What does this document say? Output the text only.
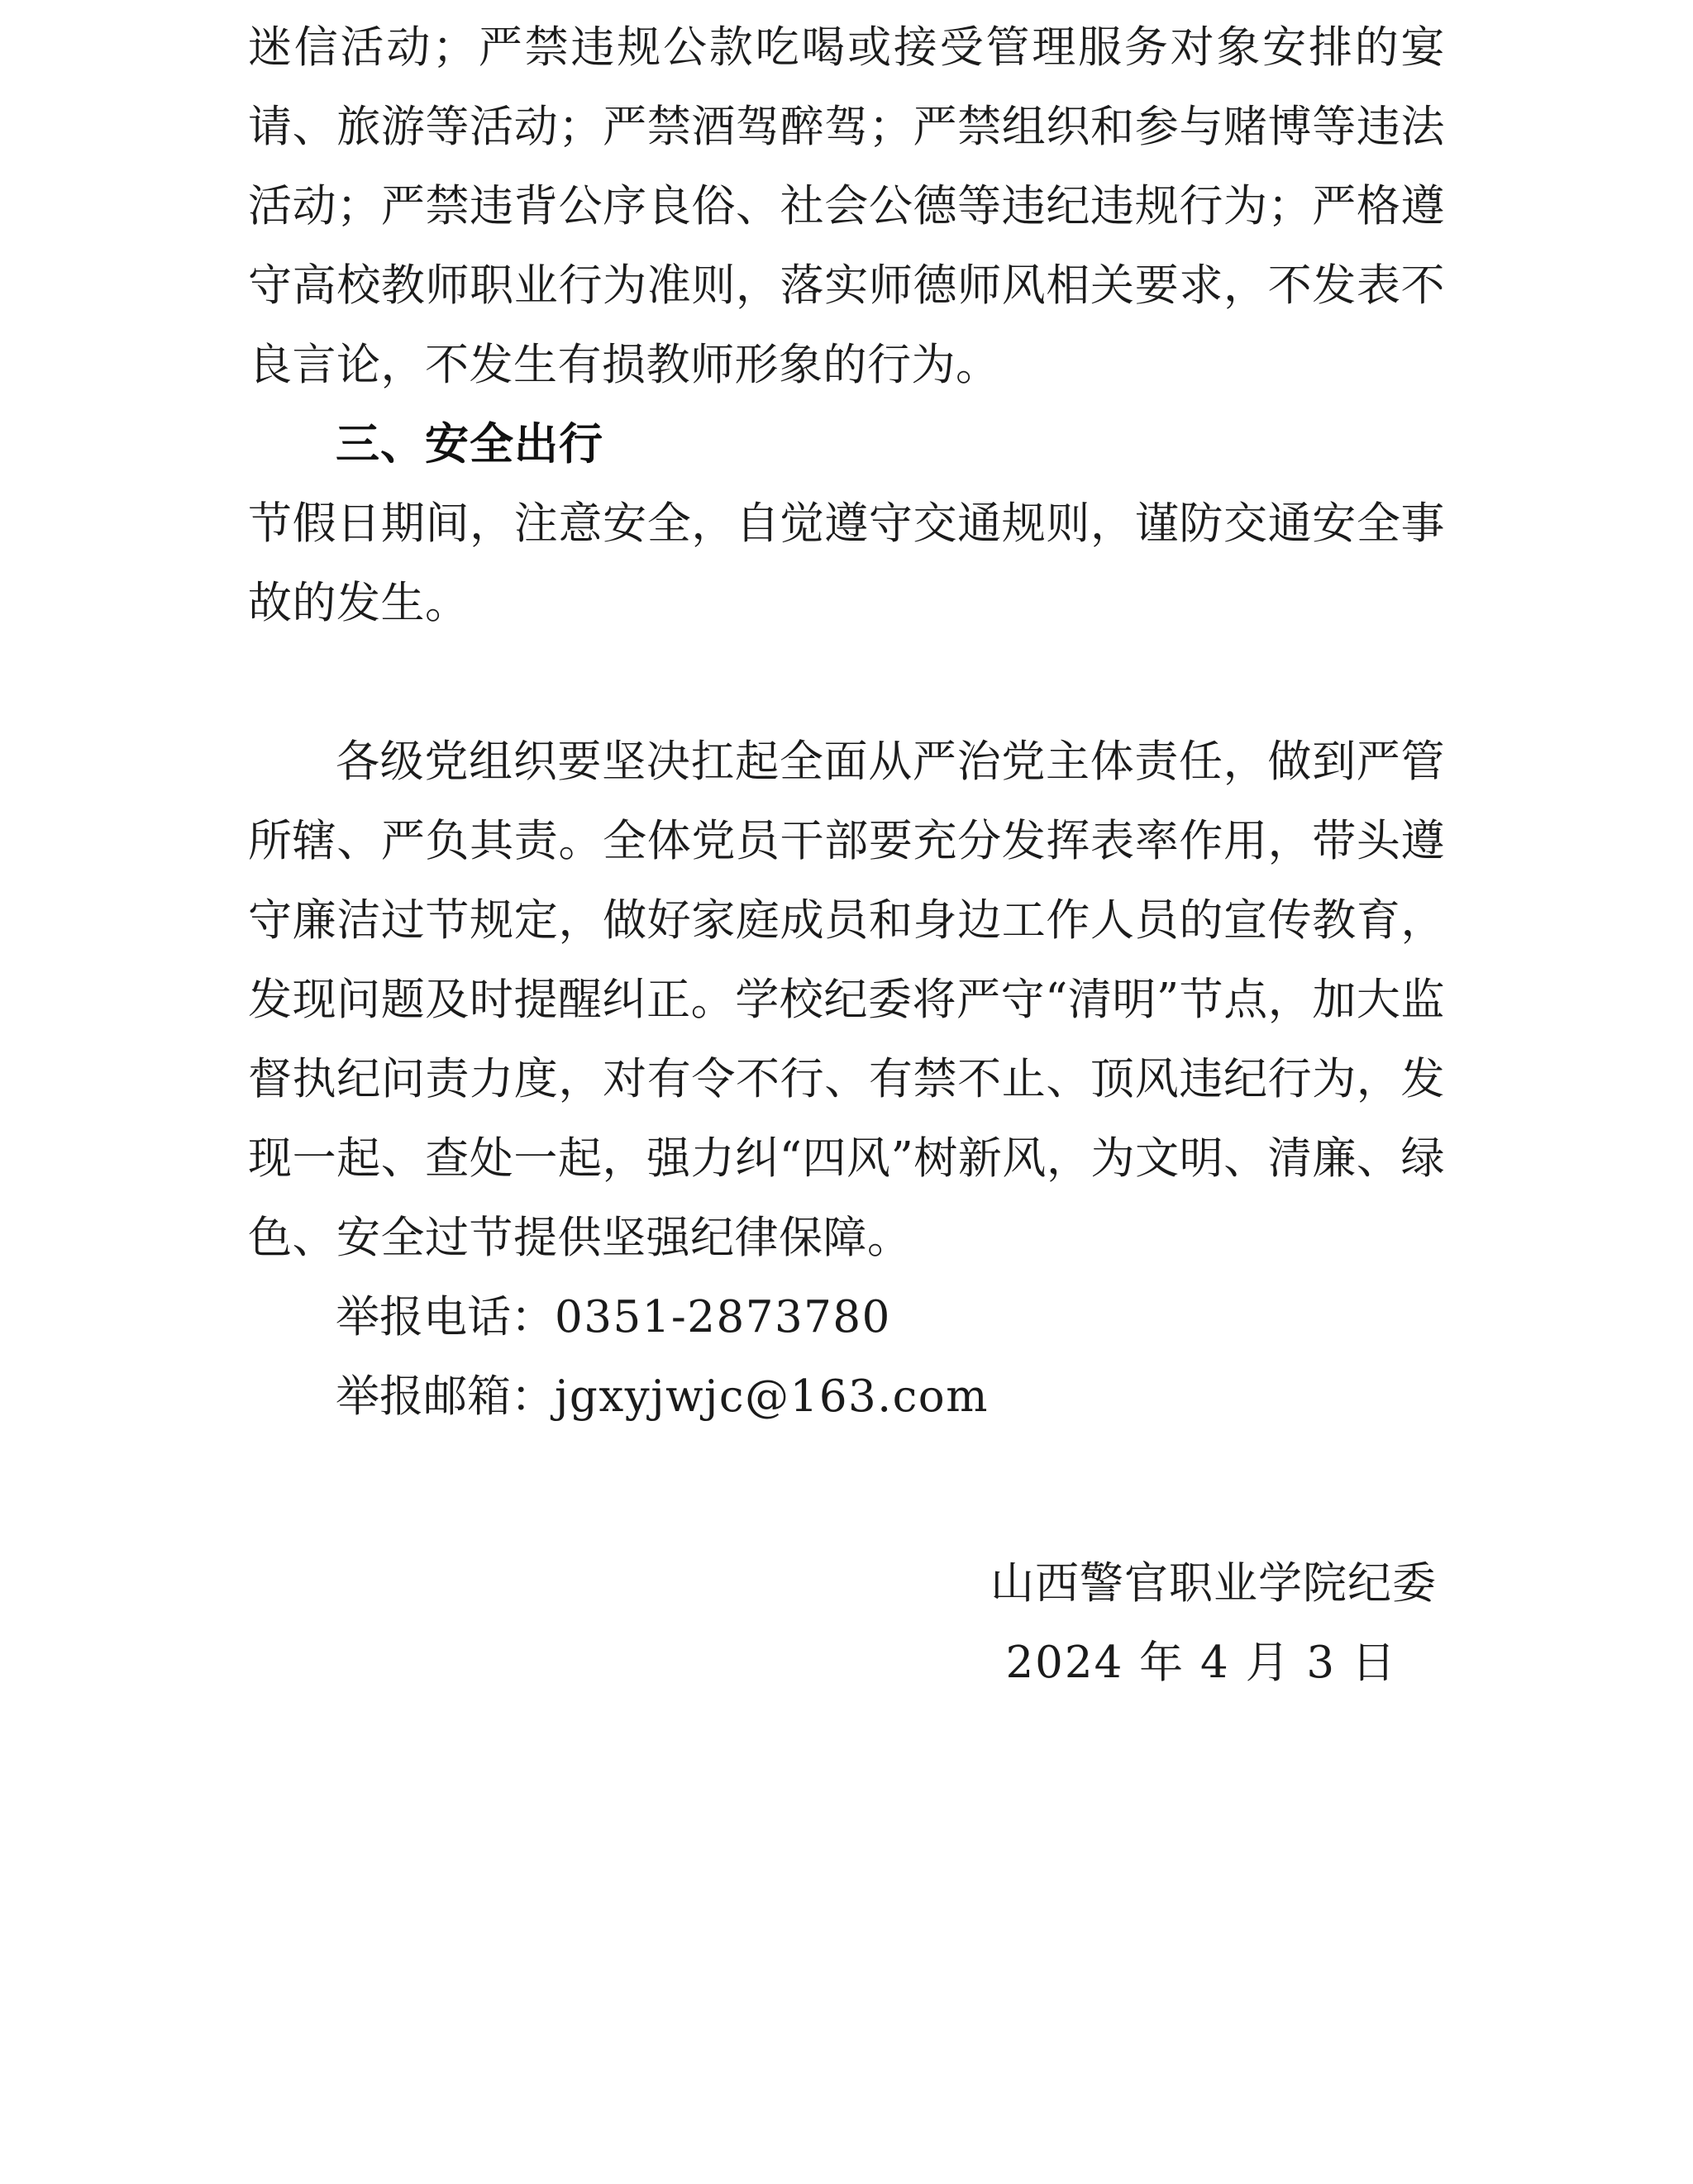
迷信活动；严禁违规公款吃喝或接受管理服务对象安排的宴请、旅游等活动；严禁酒驾醉驾；严禁组织和参与赌博等违法活动；严禁违背公序良俗、社会公德等违纪违规行为；严格遵守高校教师职业行为准则，落实师德师风相关要求，不发表不良言论，不发生有损教师形象的行为。

三、安全出行

节假日期间，注意安全，自觉遵守交通规则，谨防交通安全事故的发生。

各级党组织要坚决扛起全面从严治党主体责任，做到严管所辖、严负其责。全体党员干部要充分发挥表率作用，带头遵守廉洁过节规定，做好家庭成员和身边工作人员的宣传教育，发现问题及时提醒纠正。学校纪委将严守“清明”节点，加大监督执纪问责力度，对有令不行、有禁不止、顶风违纪行为，发现一起、查处一起，强力纠“四风”树新风，为文明、清廉、绿色、安全过节提供坚强纪律保障。

举报电话：0351-2873780

举报邮箱：jgxyjwjc@163.com

山西警官职业学院纪委

2024 年 4 月 3 日
